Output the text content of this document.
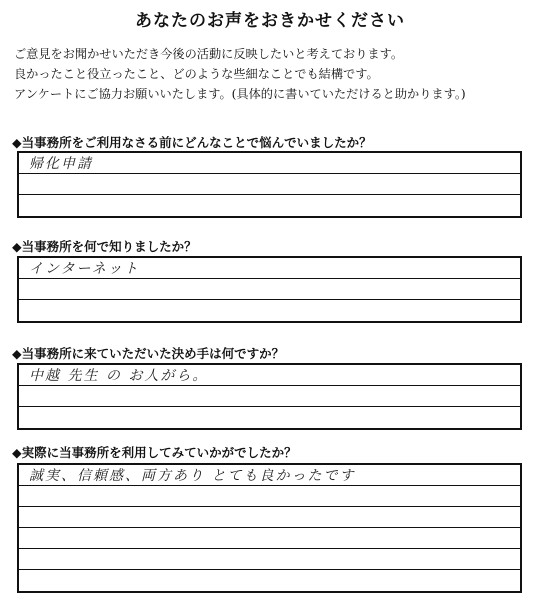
あなたのお声をおきかせください
ご意見をお聞かせいただき今後の活動に反映したいと考えております。
良かったこと役立ったこと、どのような些細なことでも結構です。
アンケートにご協力お願いいたします。(具体的に書いていただけると助かります。)
◆当事務所をご利用なさる前にどんなことで悩んでいましたか？
帰化申請
◆当事務所を何で知りましたか？
インターネット
◆当事務所に来ていただいた決め手は何ですか？
中越 先生 の お人がら。
◆実際に当事務所を利用してみていかがでしたか？
誠実、信頼感、両方あり とても良かったです
